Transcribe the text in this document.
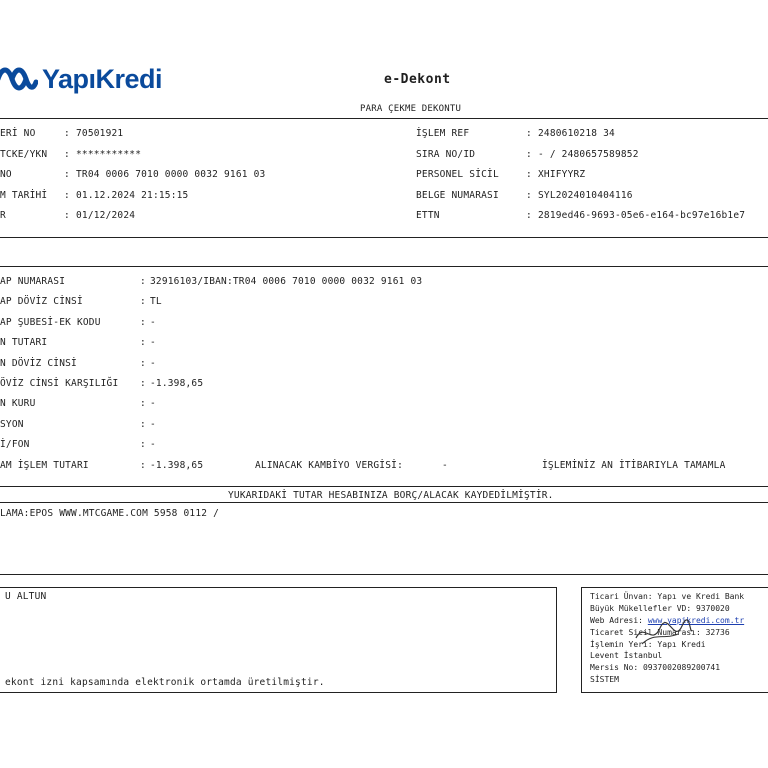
YapıKredi	e-Dekont
PARA ÇEKME DEKONTU
ERİ NO	: 70501921
TCKE/YKN : ***********
NO	: TR04 0006 7010 0000 0032 9161 03
M TARİHİ : 01.12.2024 21:15:15
R	: 01/12/2024
İŞLEM REF	: 2480610218 34
SIRA NO/ID	: - / 2480657589852
PERSONEL SİCİL	: XHIFYYRZ
BELGE NUMARASI	: SYL2024010404116
ETTN	: 2819ed46-9693-05e6-e164-bc97e16b1e7
AP NUMARASI	: 32916103/IBAN:TR04 0006 7010 0000 0032 9161 03
AP DÖVİZ CİNSİ	: TL
AP ŞUBESİ-EK KODU	: -
N TUTARI	: -
N DÖVİZ CİNSİ	: -
ÖVİZ CİNSİ KARŞILIĞI : -1.398,65
N KURU	: -
SYON	: -
İ/FON	: -
AM İŞLEM TUTARI	: -1.398,65	ALINACAK KAMBİYO VERGİSİ:	-	İŞLEMİNİZ AN İTİBARIYLA TAMAMLA
YUKARIDAKİ TUTAR HESABINIZA BORÇ/ALACAK KAYDEDİLMİŞTİR.
LAMA:EPOS WWW.MTCGAME.COM 5958 0112 /
U ALTUN
ekont izni kapsamında elektronik ortamda üretilmiştir.
Ticari Ünvan: Yapı ve Kredi Bank
Büyük Mükellefler VD: 9370020
Web Adresi: www.yapikredi.com.tr
Ticaret Sicil Numarası: 32736
İşlemin Yeri: Yapı Kredi
Levent İstanbul
Mersis No: 0937002089200741
SİSTEM
